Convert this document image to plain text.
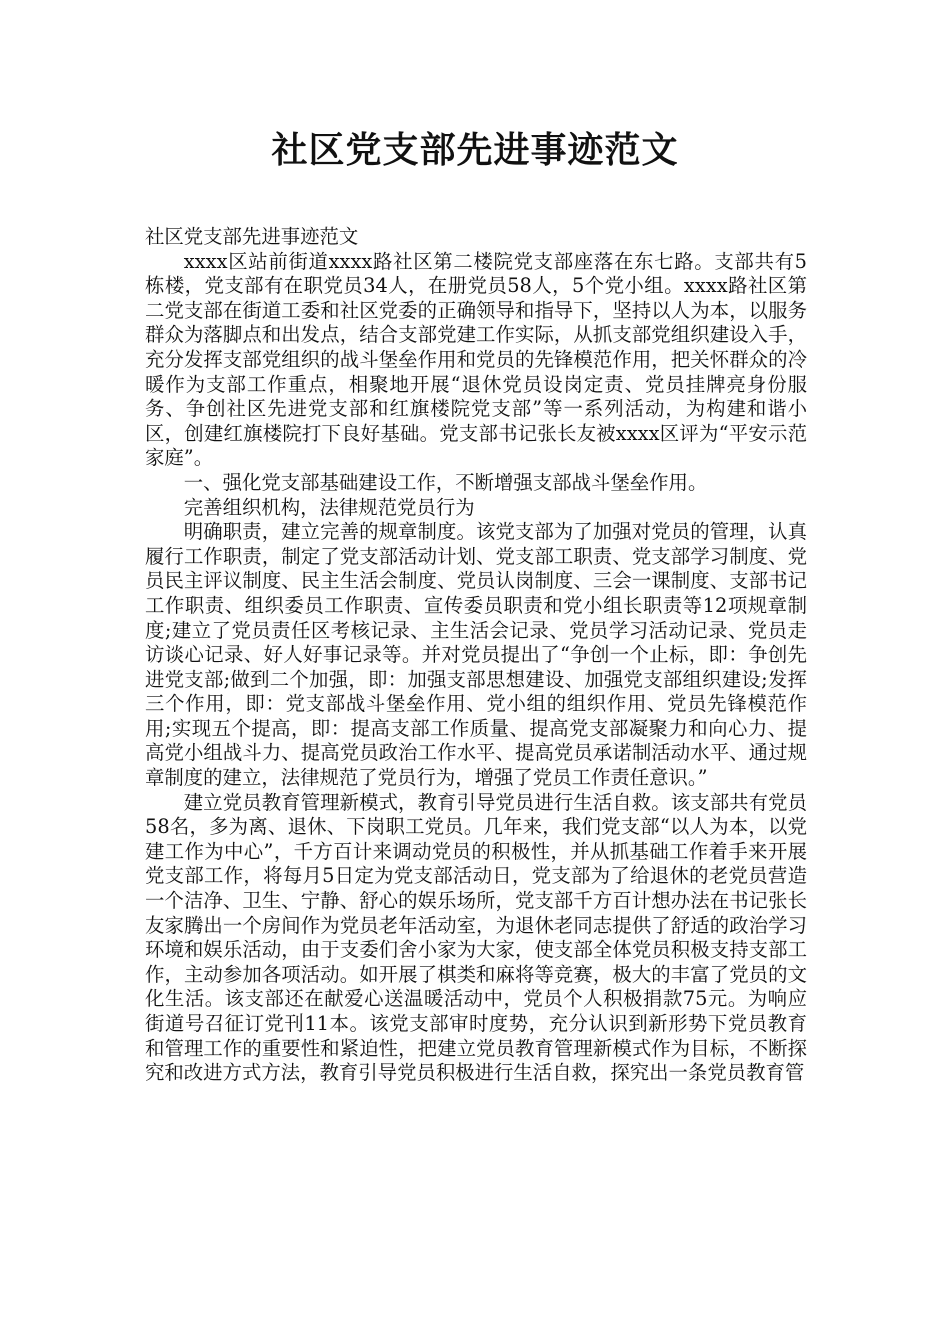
社区党支部先进事迹范文

社区党支部先进事迹范文

xxxx区站前街道xxxx路社区第二楼院党支部座落在东七路。支部共有5栋楼，党支部有在职党员34人，在册党员58人，5个党小组。xxxx路社区第二党支部在街道工委和社区党委的正确领导和指导下，坚持以人为本，以服务群众为落脚点和出发点，结合支部党建工作实际，从抓支部党组织建设入手，充分发挥支部党组织的战斗堡垒作用和党员的先锋模范作用，把关怀群众的冷暖作为支部工作重点，相聚地开展“退休党员设岗定责、党员挂牌亮身份服务、争创社区先进党支部和红旗楼院党支部”等一系列活动，为构建和谐小区，创建红旗楼院打下良好基础。党支部书记张长友被xxxx区评为“平安示范家庭”。

一、强化党支部基础建设工作，不断增强支部战斗堡垒作用。

完善组织机构，法律规范党员行为

明确职责，建立完善的规章制度。该党支部为了加强对党员的管理，认真履行工作职责，制定了党支部活动计划、党支部工职责、党支部学习制度、党员民主评议制度、民主生活会制度、党员认岗制度、三会一课制度、支部书记工作职责、组织委员工作职责、宣传委员职责和党小组长职责等12项规章制度;建立了党员责任区考核记录、主生活会记录、党员学习活动记录、党员走访谈心记录、好人好事记录等。并对党员提出了“争创一个止标，即：争创先进党支部;做到二个加强，即：加强支部思想建设、加强党支部组织建设;发挥三个作用，即：党支部战斗堡垒作用、党小组的组织作用、党员先锋模范作用;实现五个提高，即：提高支部工作质量、提高党支部凝聚力和向心力、提高党小组战斗力、提高党员政治工作水平、提高党员承诺制活动水平、通过规章制度的建立，法律规范了党员行为，增强了党员工作责任意识。”

建立党员教育管理新模式，教育引导党员进行生活自救。该支部共有党员58名，多为离、退休、下岗职工党员。几年来，我们党支部“以人为本，以党建工作为中心”，千方百计来调动党员的积极性，并从抓基础工作着手来开展党支部工作，将每月5日定为党支部活动日，党支部为了给退休的老党员营造一个洁净、卫生、宁静、舒心的娱乐场所，党支部千方百计想办法在书记张长友家腾出一个房间作为党员老年活动室，为退休老同志提供了舒适的政治学习环境和娱乐活动，由于支委们舍小家为大家，使支部全体党员积极支持支部工作，主动参加各项活动。如开展了棋类和麻将等竞赛，极大的丰富了党员的文化生活。该支部还在献爱心送温暖活动中，党员个人积极捐款75元。为响应街道号召征订党刊11本。该党支部审时度势，充分认识到新形势下党员教育和管理工作的重要性和紧迫性，把建立党员教育管理新模式作为目标，不断探究和改进方式方法，教育引导党员积极进行生活自救，探究出一条党员教育管
